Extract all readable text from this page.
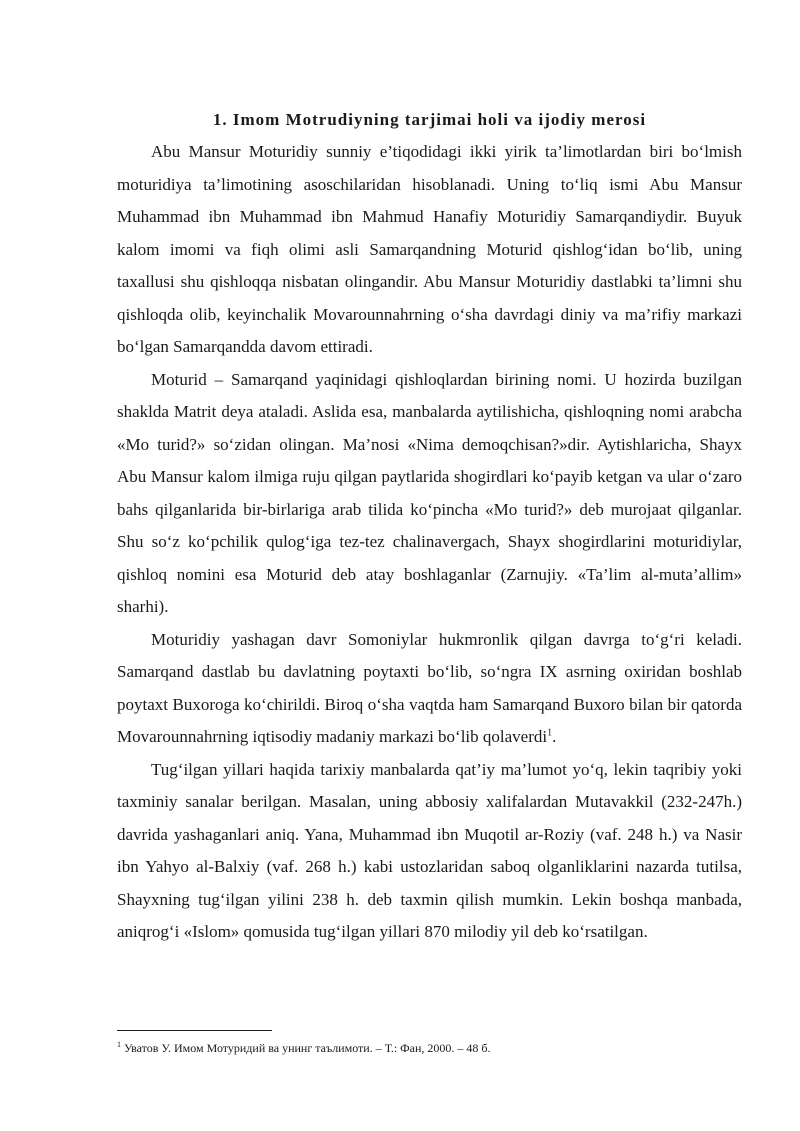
1. Imom Motrudiyning tarjimai holi va ijodiy merosi

Abu Mansur Moturidiy sunniy e’tiqodidagi ikki yirik ta’limotlardan biri bo‘lmish moturidiya ta’limotining asoschilaridan hisoblanadi. Uning to‘liq ismi Abu Mansur Muhammad ibn Muhammad ibn Mahmud Hanafiy Moturidiy Samarqandiydir. Buyuk kalom imomi va fiqh olimi asli Samarqandning Moturid qishlog‘idan bo‘lib, uning taxallusi shu qishloqqa nisbatan olingandir. Abu Mansur Moturidiy dastlabki ta’limni shu qishloqda olib, keyinchalik Movarounnahrning o‘sha davrdagi diniy va ma’rifiy markazi bo‘lgan Samarqandda davom ettiradi.

Moturid – Samarqand yaqinidagi qishloqlardan birining nomi. U hozirda buzilgan shaklda Matrit deya ataladi. Aslida esa, manbalarda aytilishicha, qishloqning nomi arabcha «Mo turid?» so‘zidan olingan. Ma’nosi «Nima demoqchisan?»dir. Aytishlaricha, Shayx Abu Mansur kalom ilmiga ruju qilgan paytlarida shogirdlari ko‘payib ketgan va ular o‘zaro bahs qilganlarida bir-birlariga arab tilida ko‘pincha «Mo turid?» deb murojaat qilganlar. Shu so‘z ko‘pchilik qulog‘iga tez-tez chalinavergach, Shayx shogirdlarini moturidiylar, qishloq nomini esa Moturid deb atay boshlaganlar (Zarnujiy. «Ta’lim al-muta’allim» sharhi).

Moturidiy yashagan davr Somoniylar hukmronlik qilgan davrga to‘g‘ri keladi. Samarqand dastlab bu davlatning poytaxti bo‘lib, so‘ngra IX asrning oxiridan boshlab poytaxt Buxoroga ko‘chirildi. Biroq o‘sha vaqtda ham Samarqand Buxoro bilan bir qatorda Movarounnahrning iqtisodiy madaniy markazi bo‘lib qolaverdi$^1$.

Tug‘ilgan yillari haqida tarixiy manbalarda qat’iy ma’lumot yo‘q, lekin taqribiy yoki taxminiy sanalar berilgan. Masalan, uning abbosiy xalifalardan Mutavakkil (232-247h.) davrida yashaganlari aniq. Yana, Muhammad ibn Muqotil ar-Roziy (vaf. 248 h.) va Nasir ibn Yahyo al-Balxiy (vaf. 268 h.) kabi ustozlaridan saboq olganliklarini nazarda tutilsa, Shayxning tug‘ilgan yilini 238 h. deb taxmin qilish mumkin. Lekin boshqa manbada, aniqrog‘i «Islom» qomusida tug‘ilgan yillari 870 milodiy yil deb ko‘rsatilgan.

$^1$ Уватов У. Имом Мотуридий ва унинг таълимоти. – Т.: Фан, 2000. – 48 б.
